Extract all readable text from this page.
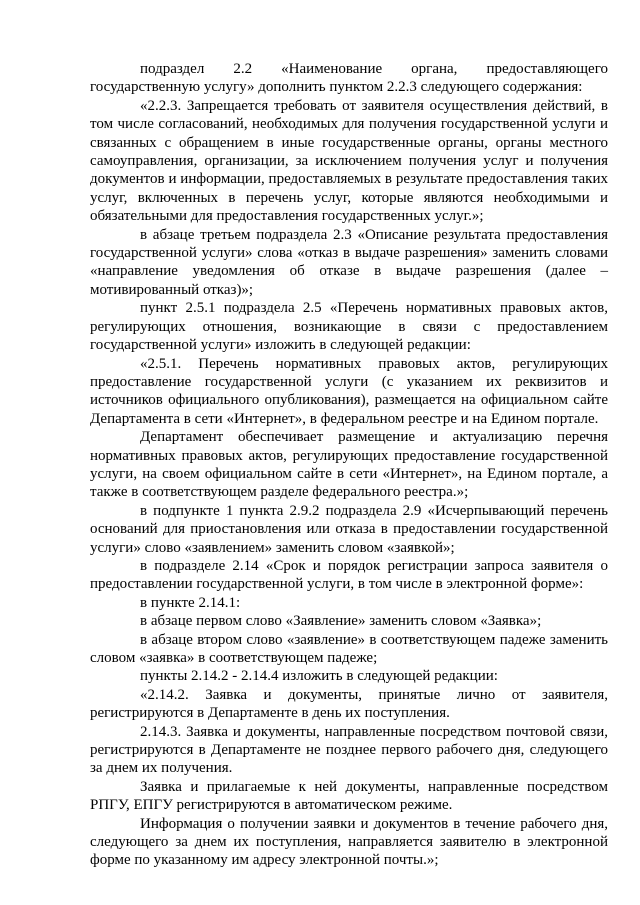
подраздел 2.2 «Наименование органа, предоставляющего государственную услугу» дополнить пунктом 2.2.3 следующего содержания:

«2.2.3. Запрещается требовать от заявителя осуществления действий, в том числе согласований, необходимых для получения государственной услуги и связанных с обращением в иные государственные органы, органы местного самоуправления, организации, за исключением получения услуг и получения документов и информации, предоставляемых в результате предоставления таких услуг, включенных в перечень услуг, которые являются необходимыми и обязательными для предоставления государственных услуг.»;

в абзаце третьем подраздела 2.3 «Описание результата предоставления государственной услуги» слова «отказ в выдаче разрешения» заменить словами «направление уведомления об отказе в выдаче разрешения (далее – мотивированный отказ)»;

пункт 2.5.1 подраздела 2.5 «Перечень нормативных правовых актов, регулирующих отношения, возникающие в связи с предоставлением государственной услуги» изложить в следующей редакции:

«2.5.1. Перечень нормативных правовых актов, регулирующих предоставление государственной услуги (с указанием их реквизитов и источников официального опубликования), размещается на официальном сайте Департамента в сети «Интернет», в федеральном реестре и на Едином портале.

Департамент обеспечивает размещение и актуализацию перечня нормативных правовых актов, регулирующих предоставление государственной услуги, на своем официальном сайте в сети «Интернет», на Едином портале, а также в соответствующем разделе федерального реестра.»;

в подпункте 1 пункта 2.9.2 подраздела 2.9 «Исчерпывающий перечень оснований для приостановления или отказа в предоставлении государственной услуги» слово «заявлением» заменить словом «заявкой»;

в подразделе 2.14 «Срок и порядок регистрации запроса заявителя о предоставлении государственной услуги, в том числе в электронной форме»:

в пункте 2.14.1:

в абзаце первом слово «Заявление» заменить словом «Заявка»;

в абзаце втором слово «заявление» в соответствующем падеже заменить словом «заявка» в соответствующем падеже;

пункты 2.14.2 - 2.14.4 изложить в следующей редакции:

«2.14.2. Заявка и документы, принятые лично от заявителя, регистрируются в Департаменте в день их поступления.

2.14.3. Заявка и документы, направленные посредством почтовой связи, регистрируются в Департаменте не позднее первого рабочего дня, следующего за днем их получения.

Заявка и прилагаемые к ней документы, направленные посредством РПГУ, ЕПГУ регистрируются в автоматическом режиме.

Информация о получении заявки и документов в течение рабочего дня, следующего за днем их поступления, направляется заявителю в электронной форме по указанному им адресу электронной почты.»;
